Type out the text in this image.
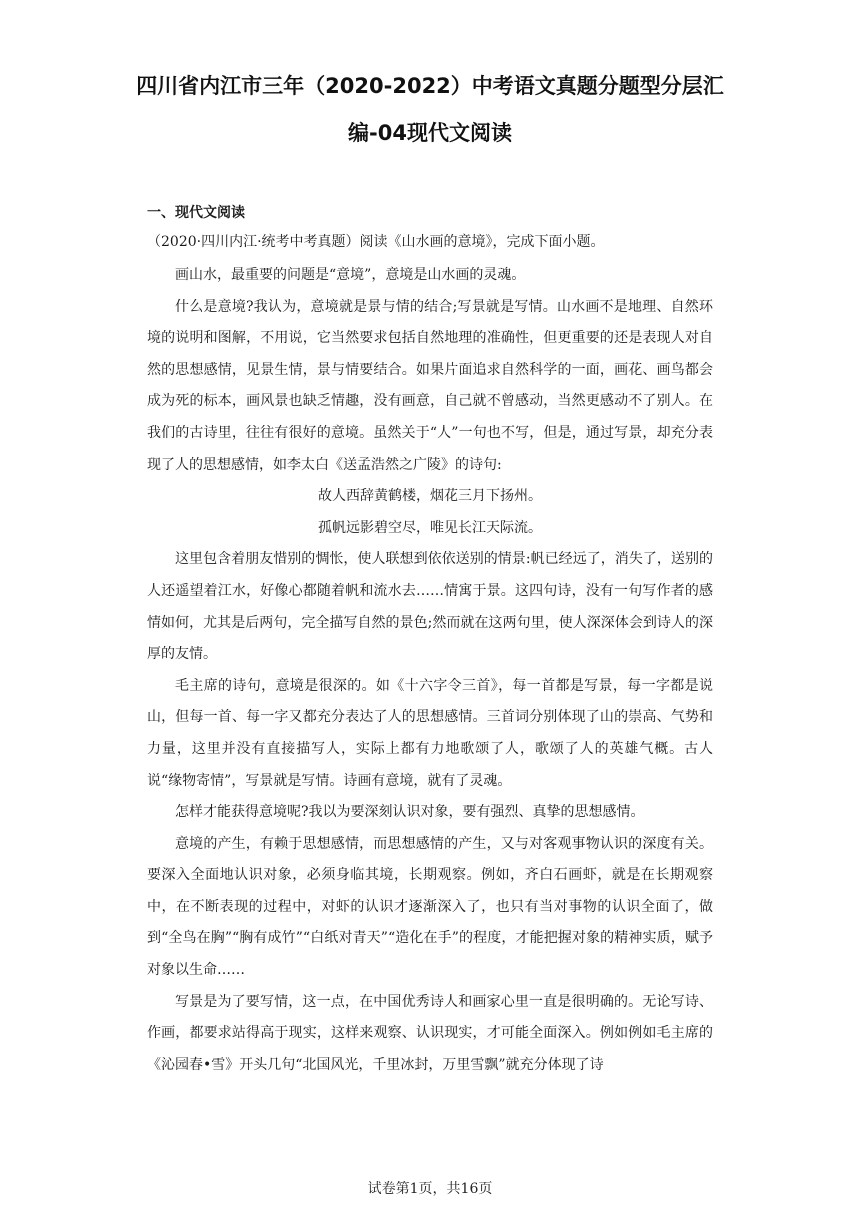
四川省内江市三年（2020-2022）中考语文真题分题型分层汇
编-04现代文阅读
一、现代文阅读
（2020·四川内江·统考中考真题）阅读《山水画的意境》，完成下面小题。

画山水，最重要的问题是“意境”，意境是山水画的灵魂。

什么是意境?我认为，意境就是景与情的结合;写景就是写情。山水画不是地理、自然环境的说明和图解，不用说，它当然要求包括自然地理的准确性，但更重要的还是表现人对自然的思想感情，见景生情，景与情要结合。如果片面追求自然科学的一面，画花、画鸟都会成为死的标本，画风景也缺乏情趣，没有画意，自己就不曾感动，当然更感动不了别人。在我们的古诗里，往往有很好的意境。虽然关于“人”一句也不写，但是，通过写景，却充分表现了人的思想感情，如李太白《送孟浩然之广陵》的诗句:

故人西辞黄鹤楼，烟花三月下扬州。

孤帆远影碧空尽，唯见长江天际流。

这里包含着朋友惜别的惆怅，使人联想到依依送别的情景:帆已经远了，消失了，送别的人还遥望着江水，好像心都随着帆和流水去……情寓于景。这四句诗，没有一句写作者的感情如何，尤其是后两句，完全描写自然的景色;然而就在这两句里，使人深深体会到诗人的深厚的友情。

毛主席的诗句，意境是很深的。如《十六字令三首》，每一首都是写景，每一字都是说山，但每一首、每一字又都充分表达了人的思想感情。三首词分别体现了山的崇高、气势和力量，这里并没有直接描写人，实际上都有力地歌颂了人，歌颂了人的英雄气概。古人说“缘物寄情”，写景就是写情。诗画有意境，就有了灵魂。

怎样才能获得意境呢?我以为要深刻认识对象，要有强烈、真挚的思想感情。

意境的产生，有赖于思想感情，而思想感情的产生，又与对客观事物认识的深度有关。要深入全面地认识对象，必须身临其境，长期观察。例如，齐白石画虾，就是在长期观察中，在不断表现的过程中，对虾的认识才逐渐深入了，也只有当对事物的认识全面了，做到“全鸟在胸”“胸有成竹”“白纸对青天”“造化在手”的程度，才能把握对象的精神实质，赋予对象以生命……

写景是为了要写情，这一点，在中国优秀诗人和画家心里一直是很明确的。无论写诗、作画，都要求站得高于现实，这样来观察、认识现实，才可能全面深入。例如例如毛主席的《沁园春•雪》开头几句“北国风光，千里冰封，万里雪飘”就充分体现了诗

试卷第1页，共16页
